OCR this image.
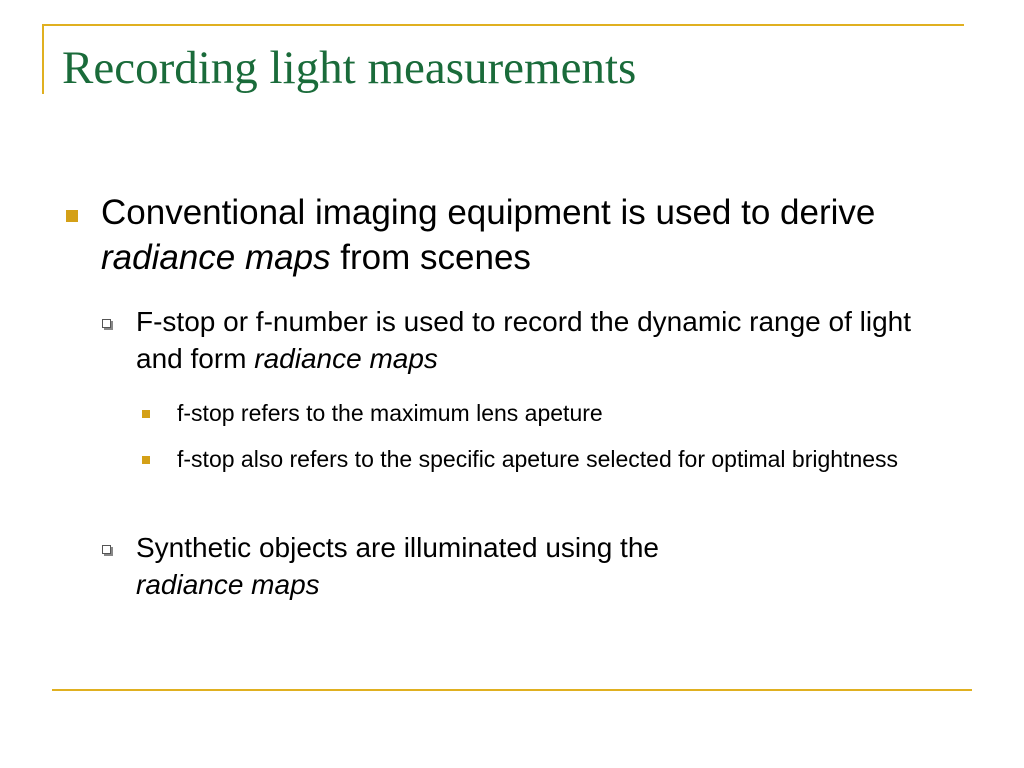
Recording light measurements
Conventional imaging equipment is used to derive radiance maps from scenes
F-stop or f-number is used to record the dynamic range of light and form radiance maps
f-stop refers to the maximum lens apeture
f-stop also refers to the specific apeture selected for optimal brightness
Synthetic objects are illuminated using the
radiance maps
